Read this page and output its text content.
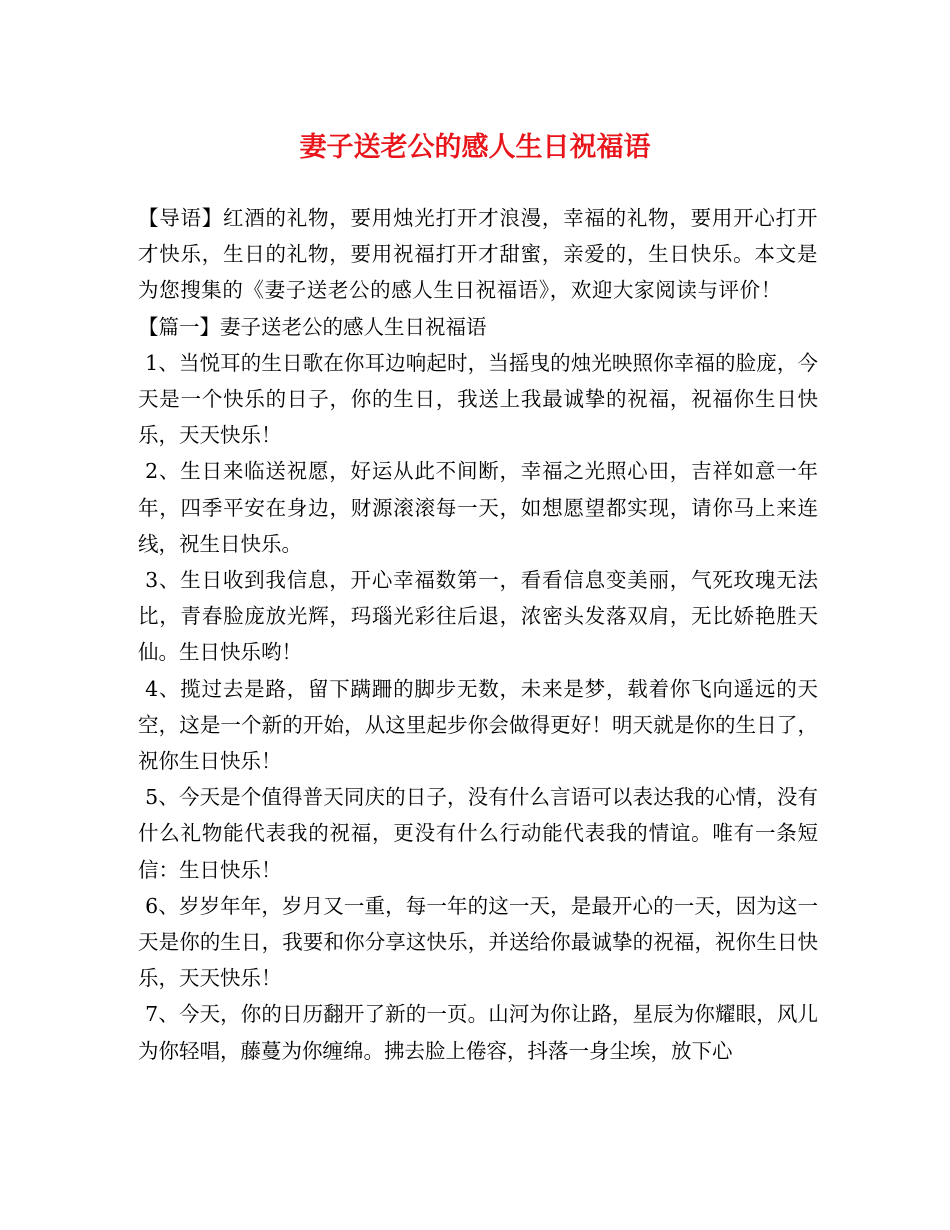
妻子送老公的感人生日祝福语

【导语】红酒的礼物，要用烛光打开才浪漫，幸福的礼物，要用开心打开才快乐，生日的礼物，要用祝福打开才甜蜜，亲爱的，生日快乐。本文是为您搜集的《妻子送老公的感人生日祝福语》，欢迎大家阅读与评价！

【篇一】妻子送老公的感人生日祝福语

1、当悦耳的生日歌在你耳边响起时，当摇曳的烛光映照你幸福的脸庞，今天是一个快乐的日子，你的生日，我送上我最诚挚的祝福，祝福你生日快乐，天天快乐！

2、生日来临送祝愿，好运从此不间断，幸福之光照心田，吉祥如意一年年，四季平安在身边，财源滚滚每一天，如想愿望都实现，请你马上来连线，祝生日快乐。

3、生日收到我信息，开心幸福数第一，看看信息变美丽，气死玫瑰无法比，青春脸庞放光辉，玛瑙光彩往后退，浓密头发落双肩，无比娇艳胜天仙。生日快乐哟！

4、揽过去是路，留下蹒跚的脚步无数，未来是梦，载着你飞向遥远的天空，这是一个新的开始，从这里起步你会做得更好！明天就是你的生日了，祝你生日快乐！

5、今天是个值得普天同庆的日子，没有什么言语可以表达我的心情，没有什么礼物能代表我的祝福，更没有什么行动能代表我的情谊。唯有一条短信：生日快乐！

6、岁岁年年，岁月又一重，每一年的这一天，是最开心的一天，因为这一天是你的生日，我要和你分享这快乐，并送给你最诚挚的祝福，祝你生日快乐，天天快乐！

7、今天，你的日历翻开了新的一页。山河为你让路，星辰为你耀眼，风儿为你轻唱，藤蔓为你缠绵。拂去脸上倦容，抖落一身尘埃，放下心
